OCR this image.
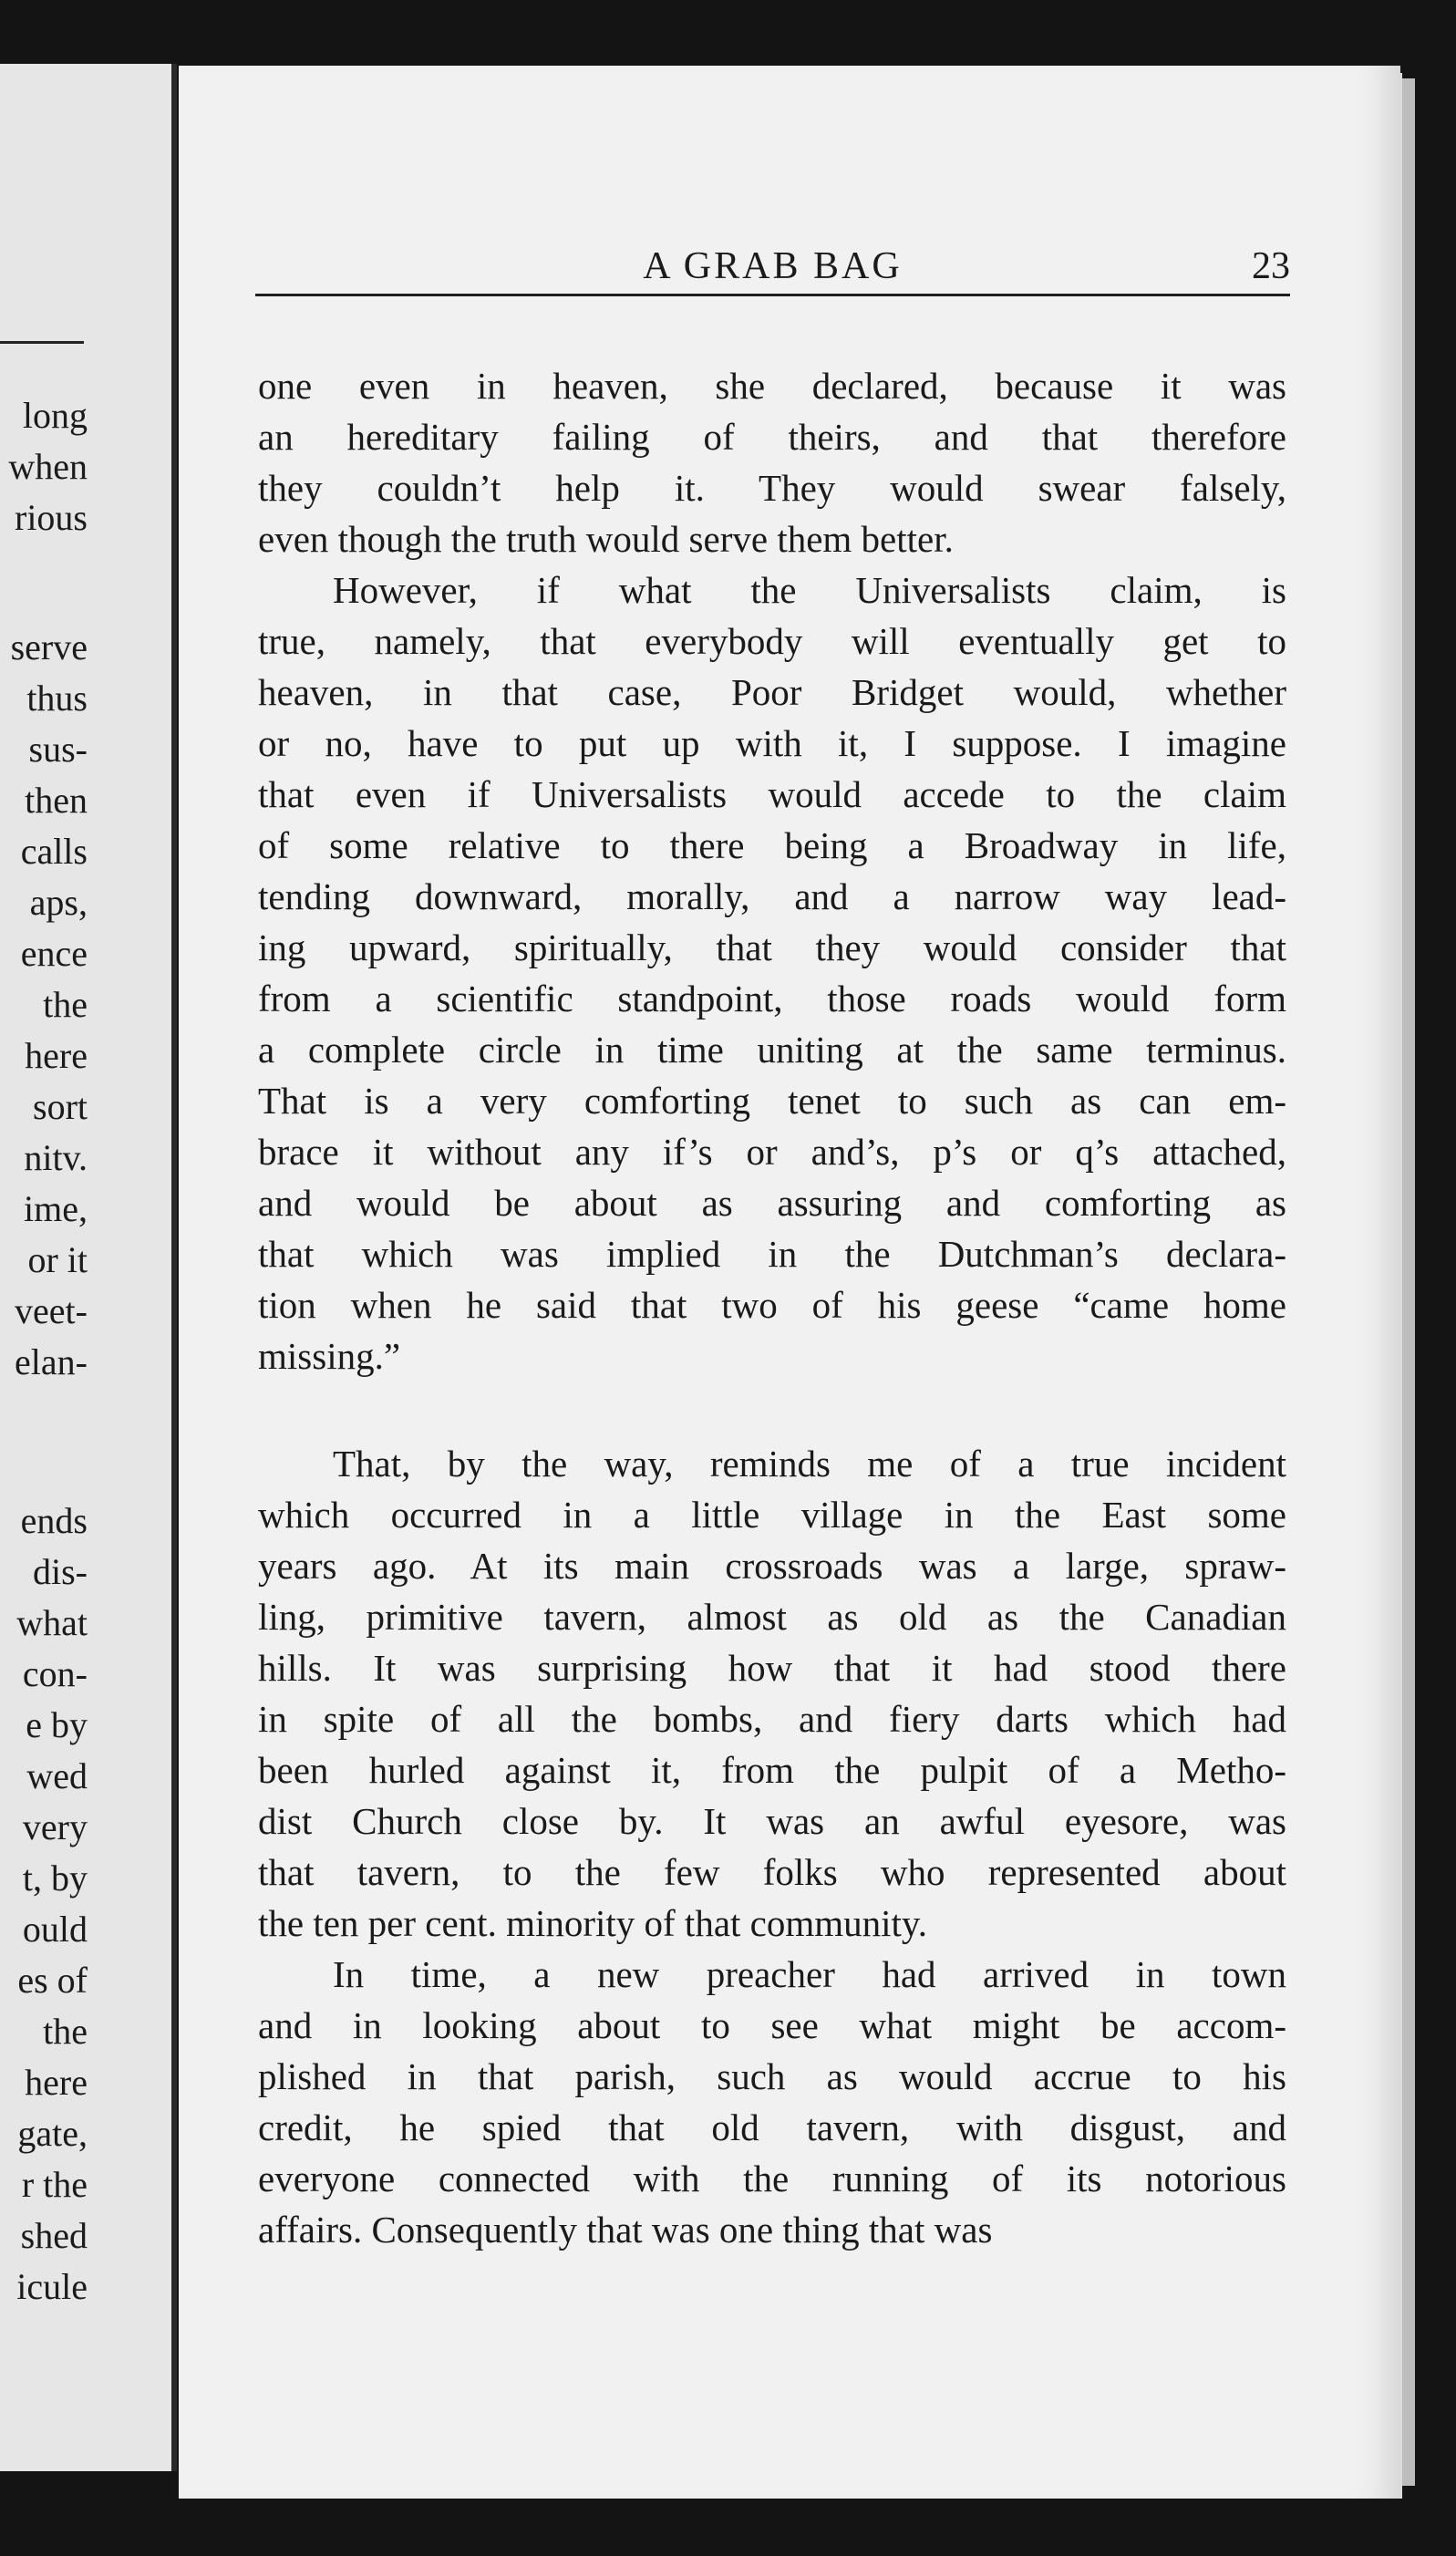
long
when
rious
serve
thus
sus-
then
calls
aps,
ence
the
here
sort
nitv.
ime,
or it
veet-
elan-
ends
dis-
what
con-
e by
wed
very
t, by
ould
es of
the
here
gate,
r the
shed
icule
A GRAB BAG	23
one even in heaven, she declared, because it was
an hereditary failing of theirs, and that therefore
they couldn’t help it. They would swear falsely,
even though the truth would serve them better.
However, if what the Universalists claim, is
true, namely, that everybody will eventually get to
heaven, in that case, Poor Bridget would, whether
or no, have to put up with it, I suppose. I imagine
that even if Universalists would accede to the claim
of some relative to there being a Broadway in life,
tending downward, morally, and a narrow way lead-
ing upward, spiritually, that they would consider that
from a scientific standpoint, those roads would form
a complete circle in time uniting at the same terminus.
That is a very comforting tenet to such as can em-
brace it without any if’s or and’s, p’s or q’s attached,
and would be about as assuring and comforting as
that which was implied in the Dutchman’s declara-
tion when he said that two of his geese “came home
missing.”
That, by the way, reminds me of a true incident
which occurred in a little village in the East some
years ago. At its main crossroads was a large, spraw-
ling, primitive tavern, almost as old as the Canadian
hills. It was surprising how that it had stood there
in spite of all the bombs, and fiery darts which had
been hurled against it, from the pulpit of a Metho-
dist Church close by. It was an awful eyesore, was
that tavern, to the few folks who represented about
the ten per cent. minority of that community.
In time, a new preacher had arrived in town
and in looking about to see what might be accom-
plished in that parish, such as would accrue to his
credit, he spied that old tavern, with disgust, and
everyone connected with the running of its notorious
affairs. Consequently that was one thing that was
